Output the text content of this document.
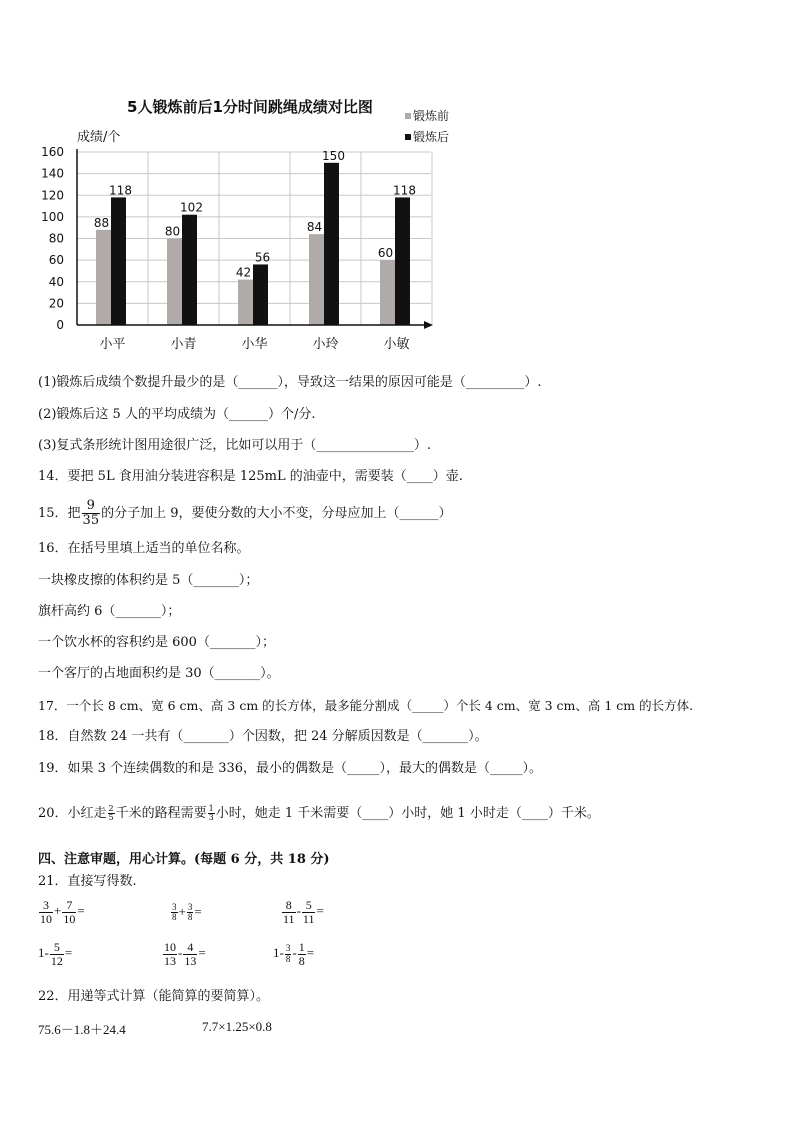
5人锻炼前后1分时间跳绳成绩对比图
成绩/个
0
20
40
60
80
100
120
140
160
88
118
小平
80
102
小青
42
56
小华
84
150
小玲
60
118
小敏
锻炼前
锻炼后
(1)锻炼后成绩个数提升最少的是（______），导致这一结果的原因可能是（_________）.
(2)锻炼后这 5 人的平均成绩为（______）个/分.
(3)复式条形统计图用途很广泛，比如可以用于（_______________）.
14．要把 5L 食用油分装进容积是 125mL 的油壶中，需要装（____）壶.
15．把 $\frac{9}{35}$ 的分子加上 9，要使分数的大小不变，分母应加上（______）
16．在括号里填上适当的单位名称。
一块橡皮擦的体积约是 5（_______）；
旗杆高约 6（_______）；
一个饮水杯的容积约是 600（_______）；
一个客厅的占地面积约是 30（_______）。
17．一个长 8 cm、宽 6 cm、高 3 cm 的长方体，最多能分割成（_____）个长 4 cm、宽 3 cm、高 1 cm 的长方体.
18．自然数 24 一共有（_______）个因数，把 24 分解质因数是（_______）。
19．如果 3 个连续偶数的和是 336，最小的偶数是（_____），最大的偶数是（_____）。
20．小红走 $\frac{2}{5}$ 千米的路程需要 $\frac{1}{3}$ 小时，她走 1 千米需要（____）小时，她 1 小时走（____）千米。
四、注意审题，用心计算。(每题 6 分，共 18 分)
21．直接写得数.
$\frac{3}{10} + \frac{7}{10}$ =	$\frac{3}{8} + \frac{3}{8}$ =	$\frac{8}{11} - \frac{5}{11}$ =
$1- \frac{5}{12}$ =	$\frac{10}{13} - \frac{4}{13}$ =	$1- \frac{3}{8} - \frac{1}{8}$ =
22．用递等式计算（能简算的要简算）。
75.6－1.8＋24.4	7.7×1.25×0.8
